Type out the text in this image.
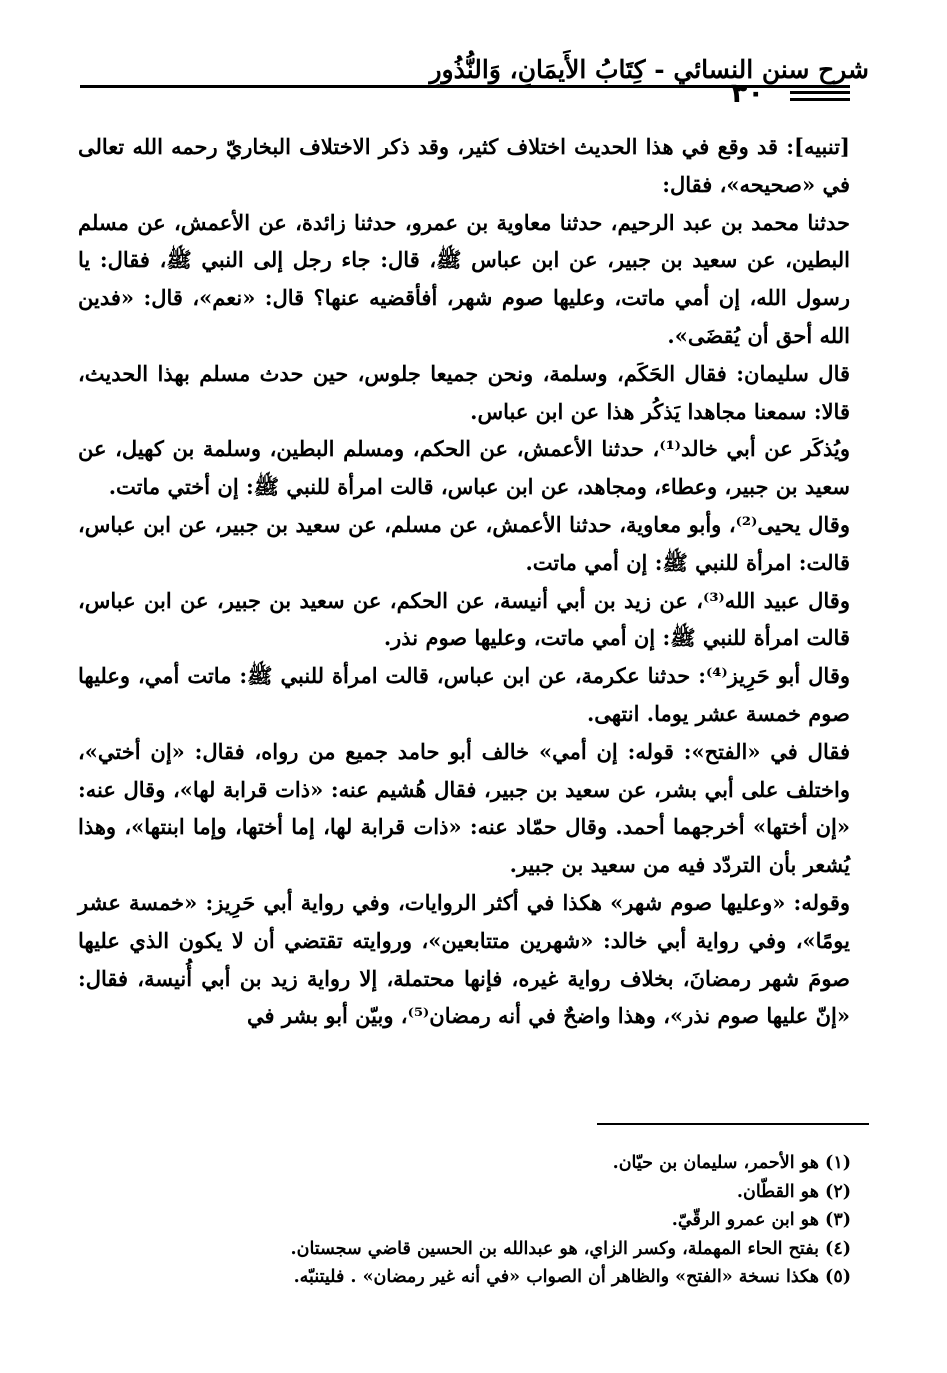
شرح سنن النسائي - كِتَابُ الأَيمَانِ، وَالنُّذُورِ
٣٠

[تنبيه]: قد وقع في هذا الحديث اختلاف كثير، وقد ذكر الاختلاف البخاريّ رحمه الله تعالى في «صحيحه»، فقال:

حدثنا محمد بن عبد الرحيم، حدثنا معاوية بن عمرو، حدثنا زائدة، عن الأعمش، عن مسلم البطين، عن سعيد بن جبير، عن ابن عباس ﷺ، قال: جاء رجل إلى النبي ﷺ، فقال: يا رسول الله، إن أمي ماتت، وعليها صوم شهر، أفأقضيه عنها؟ قال: «نعم»، قال: «فدين الله أحق أن يُقضَى».

قال سليمان: فقال الحَكَم، وسلمة، ونحن جميعا جلوس، حين حدث مسلم بهذا الحديث، قالا: سمعنا مجاهدا يَذكُر هذا عن ابن عباس.

ويُذكَر عن أبي خالد⁽¹⁾، حدثنا الأعمش، عن الحكم، ومسلم البطين، وسلمة بن كهيل، عن سعيد بن جبير، وعطاء، ومجاهد، عن ابن عباس، قالت امرأة للنبي ﷺ: إن أختي ماتت.

وقال يحيى⁽²⁾، وأبو معاوية، حدثنا الأعمش، عن مسلم، عن سعيد بن جبير، عن ابن عباس، قالت: امرأة للنبي ﷺ: إن أمي ماتت.

وقال عبيد الله⁽³⁾، عن زيد بن أبي أنيسة، عن الحكم، عن سعيد بن جبير، عن ابن عباس، قالت امرأة للنبي ﷺ: إن أمي ماتت، وعليها صوم نذر.

وقال أبو حَرِيز⁽⁴⁾: حدثنا عكرمة، عن ابن عباس، قالت امرأة للنبي ﷺ: ماتت أمي، وعليها صوم خمسة عشر يوما. انتهى.

فقال في «الفتح»: قوله: إن أمي» خالف أبو حامد جميع من رواه، فقال: «إن أختي»، واختلف على أبي بشر، عن سعيد بن جبير، فقال هُشيم عنه: «ذات قرابة لها»، وقال عنه: «إن أختها» أخرجهما أحمد. وقال حمّاد عنه: «ذات قرابة لها، إما أختها، وإما ابنتها»، وهذا يُشعر بأن التردّد فيه من سعيد بن جبير.

وقوله: «وعليها صوم شهر» هكذا في أكثر الروايات، وفي رواية أبي حَرِيز: «خمسة عشر يومًا»، وفي رواية أبي خالد: «شهرين متتابعين»، وروايته تقتضي أن لا يكون الذي عليها صومَ شهر رمضانَ، بخلاف رواية غيره، فإنها محتملة، إلا رواية زيد بن أبي أُنيسة، فقال: «إنّ عليها صوم نذر»، وهذا واضحٌ في أنه رمضان⁽⁵⁾، وبيّن أبو بشر في

(١) هو الأحمر، سليمان بن حيّان.
(٢) هو القطّان.
(٣) هو ابن عمرو الرقّيّ.
(٤) بفتح الحاء المهملة، وكسر الزاي، هو عبدالله بن الحسين قاضي سجستان.
(٥) هكذا نسخة «الفتح» والظاهر أن الصواب «في أنه غير رمضان» . فليتنبّه.
